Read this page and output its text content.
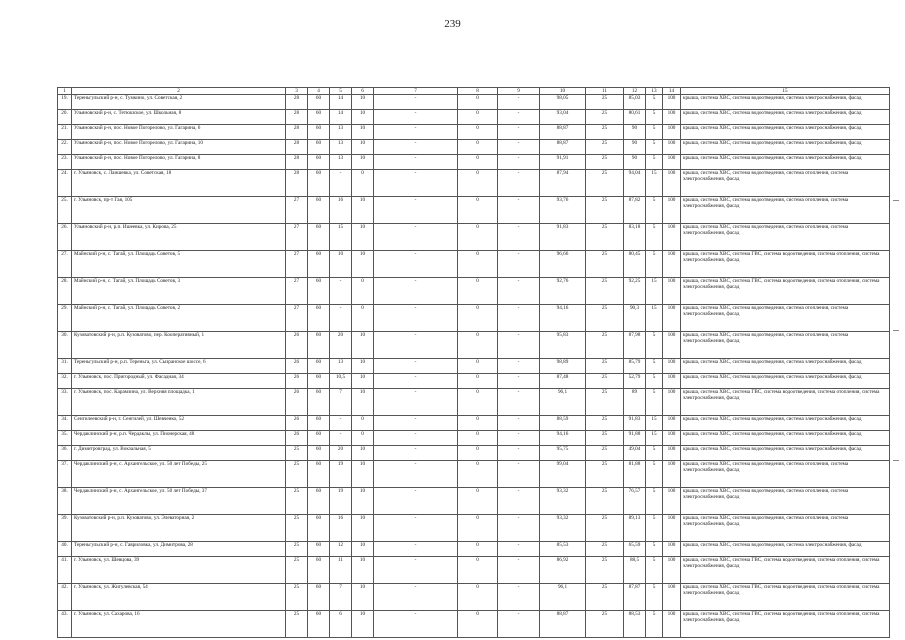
239
1	2	3	4	5	6	7	8	9	10	11	12	13	14	15
19.	Тереньгульский р-н, с. Тумкино, ул. Советская, 2	28	60	14	10	-	0	-	98,05	25	85,03	5	100	крыша, система ХВС, система водоотведения, система электроснабжения, фасад
20.	Ульяновский р-н, с. Тетюшское, ул. Школьная, 8	28	60	14	10	-	0	-	93,04	25	80,61	5	100	крыша, система ХВС, система водоотведения, система электроснабжения, фасад
21.	Ульяновский р-н, пос. Новое Погорелово, ул. Гагарина, 6	28	60	13	10	-	0	-	88,87	25	90	5	100	крыша, система ХВС, система водоотведения, система электроснабжения, фасад
22.	Ульяновский р-н, пос. Новое Погорелово, ул. Гагарина, 10	28	60	13	10	-	0	-	88,87	25	90	5	100	крыша, система ХВС, система водоотведения, система электроснабжения, фасад
23.	Ульяновский р-н, пос. Новое Погорелово, ул. Гагарина, 8	28	60	13	10	-	0	-	91,91	25	90	5	100	крыша, система ХВС, система водоотведения, система электроснабжения, фасад
24.	г. Ульяновск, с. Лаишевка, ул. Советская, 18	28	60	-	0	-	0	-	87,94	25	94,04	15	100	крыша, система ХВС, система водоотведения, система отопления, система электроснабжения, фасад
25.	г. Ульяновск, пр-т Гая, 105	27	60	16	10	-	0	-	93,76	25	87,82	5	100	крыша, система ХВС, система водоотведения, система отопления, система электроснабжения, фасад
26.	Ульяновский р-н, р.п. Ишеевка, ул. Кирова, 25	27	60	15	10	-	0	-	91,83	25	83,18	5	100	крыша, система ХВС, система водоотведения, система отопления, система электроснабжения, фасад
27.	Майнский р-н, с. Тагай, ул. Площадь Советов, 5	27	60	10	10	-	0	-	96,66	25	80,45	5	100	крыша, система ХВС, система ГВС, система водоотведения, система отопления, система электроснабжения, фасад
28.	Майнский р-н, с. Тагай, ул. Площадь Советов, 3	27	60	-	0	-	0	-	92,76	25	92,25	15	100	крыша, система ХВС, система ГВС, система водоотведения, система отопления, система электроснабжения, фасад
29.	Майнский р-н, с. Тагай, ул. Площадь Советов, 2	27	60	-	0	-	0	-	94,16	25	90,3	15	100	крыша, система ХВС, система водоотведения, система отопления, система электроснабжения, фасад
30.	Кузоватовский р-н, р.п. Кузоватово, пер. Кооперативный, 1	26	60	20	10	-	0	-	95,83	25	87,98	5	100	крыша, система ХВС, система водоотведения, система отопления, система электроснабжения, фасад
31.	Тереньгульский р-н, р.п. Тереньга, ул. Сызранское шоссе, 6	26	60	13	10	-	0	-	98,89	25	85,79	5	100	крыша, система ХВС, система водоотведения, система электроснабжения, фасад
32.	г. Ульяновск, пос. Пригородный, ул. Фасадная, 34	26	60	10,5	10	-	0	-	87,48	25	52,79	5	100	крыша, система ХВС, система водоотведения, система электроснабжения, фасад
33.	г. Ульяновск, пос. Карамзина, ул. Верхняя площадка, 1	26	60	7	10	-	0	-	96,1	25	89	5	100	крыша, система ХВС, система ГВС, система водоотведения, система отопления, система электроснабжения, фасад
34.	Сенгилеевский р-н, г. Сенгилей, ул. Шевченко, 52	26	60	-	0	-	0	-	88,59	25	91,83	15	100	крыша, система ХВС, система водоотведения, система электроснабжения, фасад
35.	Чердаклинский р-н, р.п. Чердаклы, ул. Пионерская, 48	26	60	-	0	-	0	-	94,16	25	91,88	15	100	крыша, система ХВС, система водоотведения, система электроснабжения, фасад
36.	г. Димитровград, ул. Вокзальная, 5	25	60	20	10	-	0	-	95,75	25	49,04	5	100	крыша, система ХВС, система водоотведения, система электроснабжения, фасад
37.	Чердаклинский р-н, с. Архангельское, ул. 50 лет Победы, 25	25	60	19	10	-	0	-	99,04	25	81,88	5	100	крыша, система ХВС, система водоотведения, система отопления, система электроснабжения, фасад
38.	Чердаклинский р-н, с. Архангельское, ул. 50 лет Победы, 37	25	60	19	10	-	0	-	93,32	25	76,57	5	100	крыша, система ХВС, система водоотведения, система отопления, система электроснабжения, фасад
39.	Кузоватовский р-н, р.п. Кузоватово, ул. Элеваторная, 2	25	60	16	10	-	0	-	93,32	25	89,13	5	100	крыша, система ХВС, система водоотведения, система отопления, система электроснабжения, фасад
40.	Тереньгульский р-н, с. Гавриловка, ул. Димитрова, 28	25	60	12	10	-	0	-	85,53	25	65,59	5	100	крыша, система ХВС, система водоотведения, система электроснабжения, фасад
41.	г. Ульяновск, ул. Шевцова, 39	25	60	11	10	-	0	-	86,92	25	88,5	5	100	крыша, система ХВС, система ГВС, система водоотведения, система отопления, система электроснабжения, фасад
42.	г. Ульяновск, ул. Жигулевская, 54	25	60	7	10	-	0	-	96,1	25	87,87	5	100	крыша, система ХВС, система ГВС, система водоотведения, система отопления, система электроснабжения, фасад
43.	г. Ульяновск, ул. Сахарова, 16	25	60	6	10	-	0	-	88,87	25	88,53	5	100	крыша, система ХВС, система ГВС, система водоотведения, система отопления, система электроснабжения, фасад
